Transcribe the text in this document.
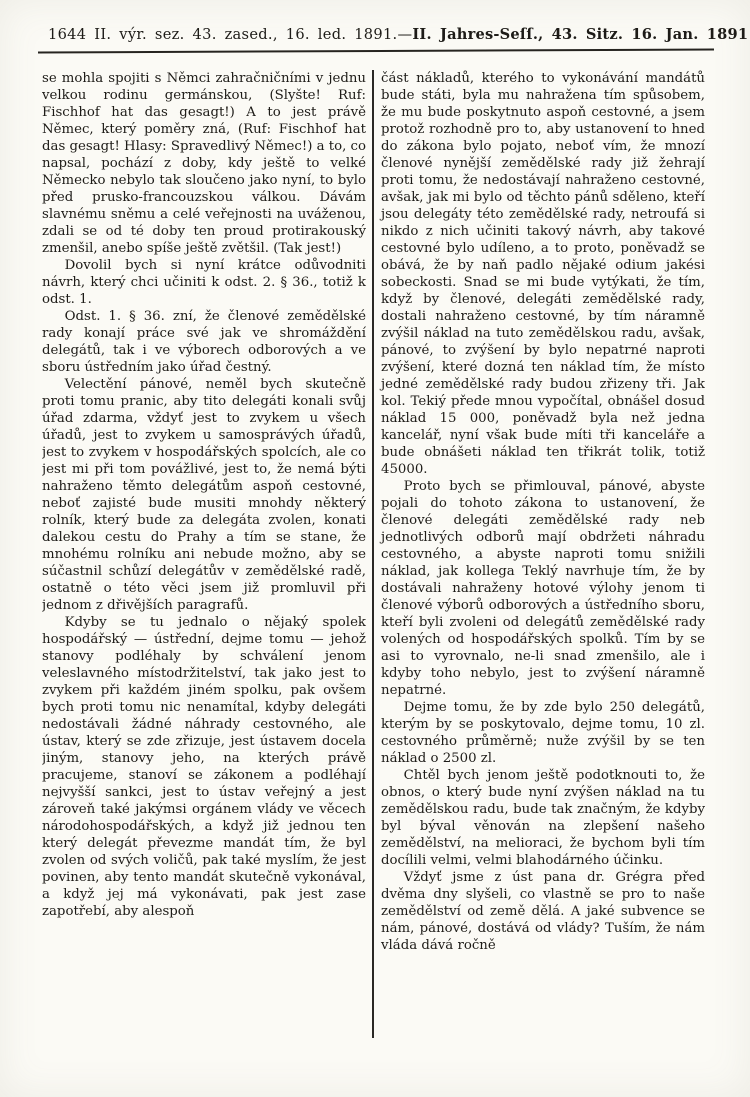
1644 II. výr. sez. 43. zased., 16. led. 1891. — II. Jahres-Seſſ., 43. Sitz. 16. Jan. 1891

se mohla spojiti s Němci zahračničními v jednu velkou rodinu germánskou, (Slyšte! Ruf: Fischhof hat das gesagt!) A to jest právě Němec, který poměry zná, (Ruf: Fischhof hat das gesagt! Hlasy: Spravedlivý Němec!) a to, co napsal, pochází z doby, kdy ještě to velké Německo nebylo tak sloučeno jako nyní, to bylo před prusko-francouzskou válkou. Dávám slavnému sněmu a celé veřejnosti na uváženou, zdali se od té doby ten proud protirakouský zmenšil, anebo spíše ještě zvětšil. (Tak jest!)

Dovolil bych si nyní krátce odůvodniti návrh, který chci učiniti k odst. 2. § 36., totiž k odst. 1.

Odst. 1. § 36. zní, že členové zemědělské rady konají práce své jak ve shromáždění delegátů, tak i ve výborech odborových a ve sboru ústředním jako úřad čestný.

Velectění pánové, neměl bych skutečně proti tomu pranic, aby tito delegáti konali svůj úřad zdarma, vždyť jest to zvykem u všech úřadů, jest to zvykem u samosprávých úřadů, jest to zvykem v hospodářských spolcích, ale co jest mi při tom povážlivé, jest to, že nemá býti nahraženo těmto delegátům aspoň cestovné, neboť zajisté bude musiti mnohdy některý rolník, který bude za delegáta zvolen, konati dalekou cestu do Prahy a tím se stane, že mnohému rolníku ani nebude možno, aby se súčastnil schůzí delegátův v zemědělské radě, ostatně o této věci jsem již promluvil při jednom z dřivějších paragrafů.

Kdyby se tu jednalo o nějaký spolek hospodářský — ústřední, dejme tomu — jehož stanovy podléhaly by schválení jenom veleslavného místodržitelství, tak jako jest to zvykem při každém jiném spolku, pak ovšem bych proti tomu nic nenamítal, kdyby delegáti nedostávali žádné náhrady cestovného, ale ústav, který se zde zřizuje, jest ústavem docela jiným, stanovy jeho, na kterých právě pracujeme, stanoví se zákonem a podléhají nejvyšší sankci, jest to ústav veřejný a jest zároveň také jakýmsi orgánem vlády ve věcech národohospodářských, a když již jednou ten který delegát převezme mandát tím, že byl zvolen od svých voličů, pak také myslím, že jest povinen, aby tento mandát skutečně vykonával, a když jej má vykonávati, pak jest zase zapotřebí, aby alespoň

část nákladů, kterého to vykonávání mandátů bude státi, byla mu nahražena tím spůsobem, že mu bude poskytnuto aspoň cestovné, a jsem protož rozhodně pro to, aby ustanovení to hned do zákona bylo pojato, neboť vím, že mnozí členové nynější zemědělské rady již žehrají proti tomu, že nedostávají nahraženo cestovné, avšak, jak mi bylo od těchto pánů sděleno, kteří jsou delegáty této zemědělské rady, netroufá si nikdo z nich učiniti takový návrh, aby takové cestovné bylo udíleno, a to proto, poněvadž se obává, že by naň padlo nějaké odium jakési sobeckosti. Snad se mi bude vytýkati, že tím, když by členové, delegáti zemědělské rady, dostali nahraženo cestovné, by tím náramně zvýšil náklad na tuto zemědělskou radu, avšak, pánové, to zvýšení by bylo nepatrné naproti zvýšení, které dozná ten náklad tím, že místo jedné zemědělské rady budou zřizeny tři. Jak kol. Tekiý přede mnou vypočítal, obnášel dosud náklad 15 000, poněvadž byla než jedna kancelář, nyní však bude míti tři kanceláře a bude obnášeti náklad ten třikrát tolik, totiž 45000.

Proto bych se přimlouval, pánové, abyste pojali do tohoto zákona to ustanovení, že členové delegáti zemědělské rady neb jednotlivých odborů mají obdržeti náhradu cestovného, a abyste naproti tomu snižili náklad, jak kollega Teklý navrhuje tím, že by dostávali nahraženy hotové výlohy jenom ti členové výborů odborových a ústředního sboru, kteří byli zvoleni od delegátů zemědělské rady volených od hospodářských spolků. Tím by se asi to vyrovnalo, ne-li snad zmenšilo, ale i kdyby toho nebylo, jest to zvýšení náramně nepatrné.

Dejme tomu, že by zde bylo 250 delegátů, kterým by se poskytovalo, dejme tomu, 10 zl. cestovného průměrně; nuže zvýšil by se ten náklad o 2500 zl.

Chtěl bych jenom ještě podotknouti to, že obnos, o který bude nyní zvýšen náklad na tu zemědělskou radu, bude tak značným, že kdyby byl býval věnován na zlepšení našeho zemědělství, na melioraci, že bychom byli tím docílili velmi, velmi blahodárného účinku.

Vždyť jsme z úst pana dr. Grégra před dvěma dny slyšeli, co vlastně se pro to naše zemědělství od země dělá. A jaké subvence se nám, pánové, dostává od vlády? Tuším, že nám vláda dává ročně
